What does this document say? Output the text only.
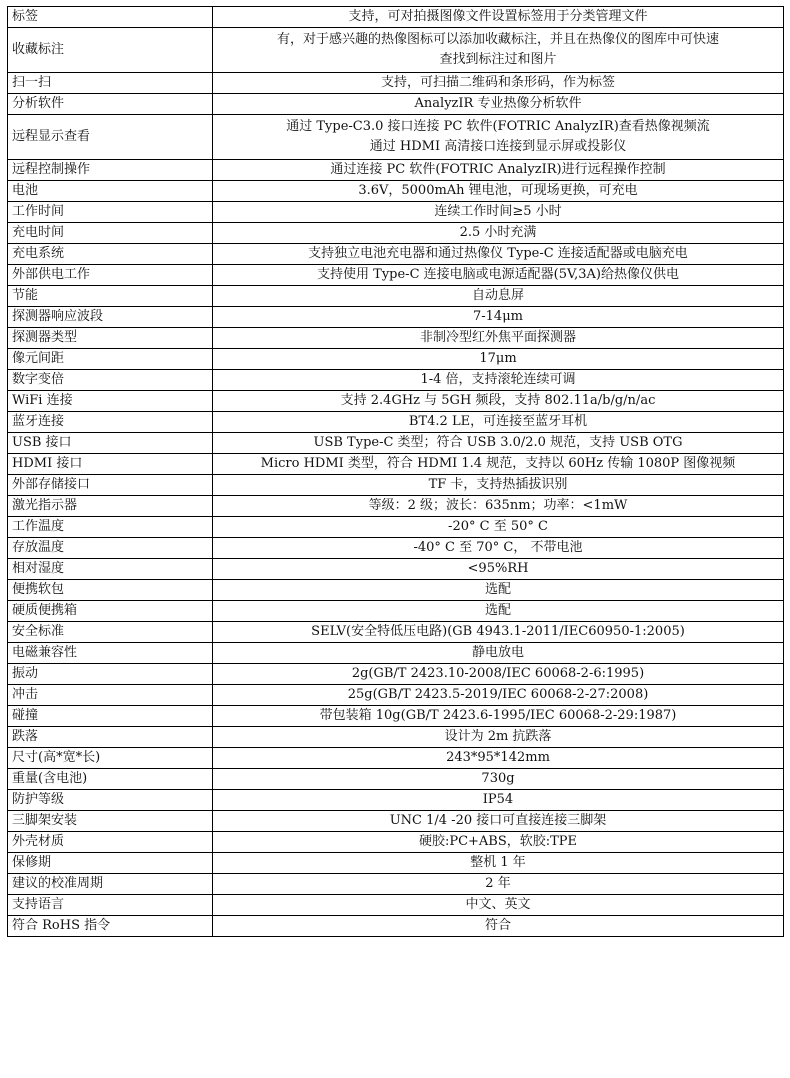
标签	支持，可对拍摄图像文件设置标签用于分类管理文件

收藏标注	有，对于感兴趣的热像图标可以添加收藏标注，并且在热像仪的图库中可快速
查找到标注过和图片

扫一扫	支持，可扫描二维码和条形码，作为标签

分析软件	AnalyzIR 专业热像分析软件

远程显示查看	通过 Type-C3.0 接口连接 PC 软件(FOTRIC AnalyzIR)查看热像视频流
通过 HDMI 高清接口连接到显示屏或投影仪

远程控制操作	通过连接 PC 软件(FOTRIC AnalyzIR)进行远程操作控制

电池	3.6V，5000mAh 锂电池，可现场更换，可充电

工作时间	连续工作时间≥5 小时

充电时间	2.5 小时充满

充电系统	支持独立电池充电器和通过热像仪 Type-C 连接适配器或电脑充电

外部供电工作	支持使用 Type-C 连接电脑或电源适配器(5V,3A)给热像仪供电

节能	自动息屏

探测器响应波段	7-14μm

探测器类型	非制冷型红外焦平面探测器

像元间距	17μm

数字变倍	1-4 倍，支持滚轮连续可调

WiFi 连接	支持 2.4GHz 与 5GH 频段，支持 802.11a/b/g/n/ac

蓝牙连接	BT4.2 LE，可连接至蓝牙耳机

USB 接口	USB Type-C 类型；符合 USB 3.0/2.0 规范，支持 USB OTG

HDMI 接口	Micro HDMI 类型，符合 HDMI 1.4 规范，支持以 60Hz 传输 1080P 图像视频

外部存储接口	TF 卡，支持热插拔识别

激光指示器	等级：2 级；波长：635nm；功率：<1mW

工作温度	-20° C 至 50° C

存放温度	-40° C 至 70° C， 不带电池

相对湿度	<95%RH

便携软包	选配

硬质便携箱	选配

安全标准	SELV(安全特低压电路)(GB 4943.1-2011/IEC60950-1:2005)

电磁兼容性	静电放电

振动	2g(GB/T 2423.10-2008/IEC 60068-2-6:1995)

冲击	25g(GB/T 2423.5-2019/IEC 60068-2-27:2008)

碰撞	带包装箱 10g(GB/T 2423.6-1995/IEC 60068-2-29:1987)

跌落	设计为 2m 抗跌落

尺寸(高*宽*长)	243*95*142mm

重量(含电池)	730g

防护等级	IP54

三脚架安装	UNC 1/4 -20 接口可直接连接三脚架

外壳材质	硬胶:PC+ABS，软胶:TPE

保修期	整机 1 年

建议的校准周期	2 年

支持语言	中文、英文

符合 RoHS 指令	符合
